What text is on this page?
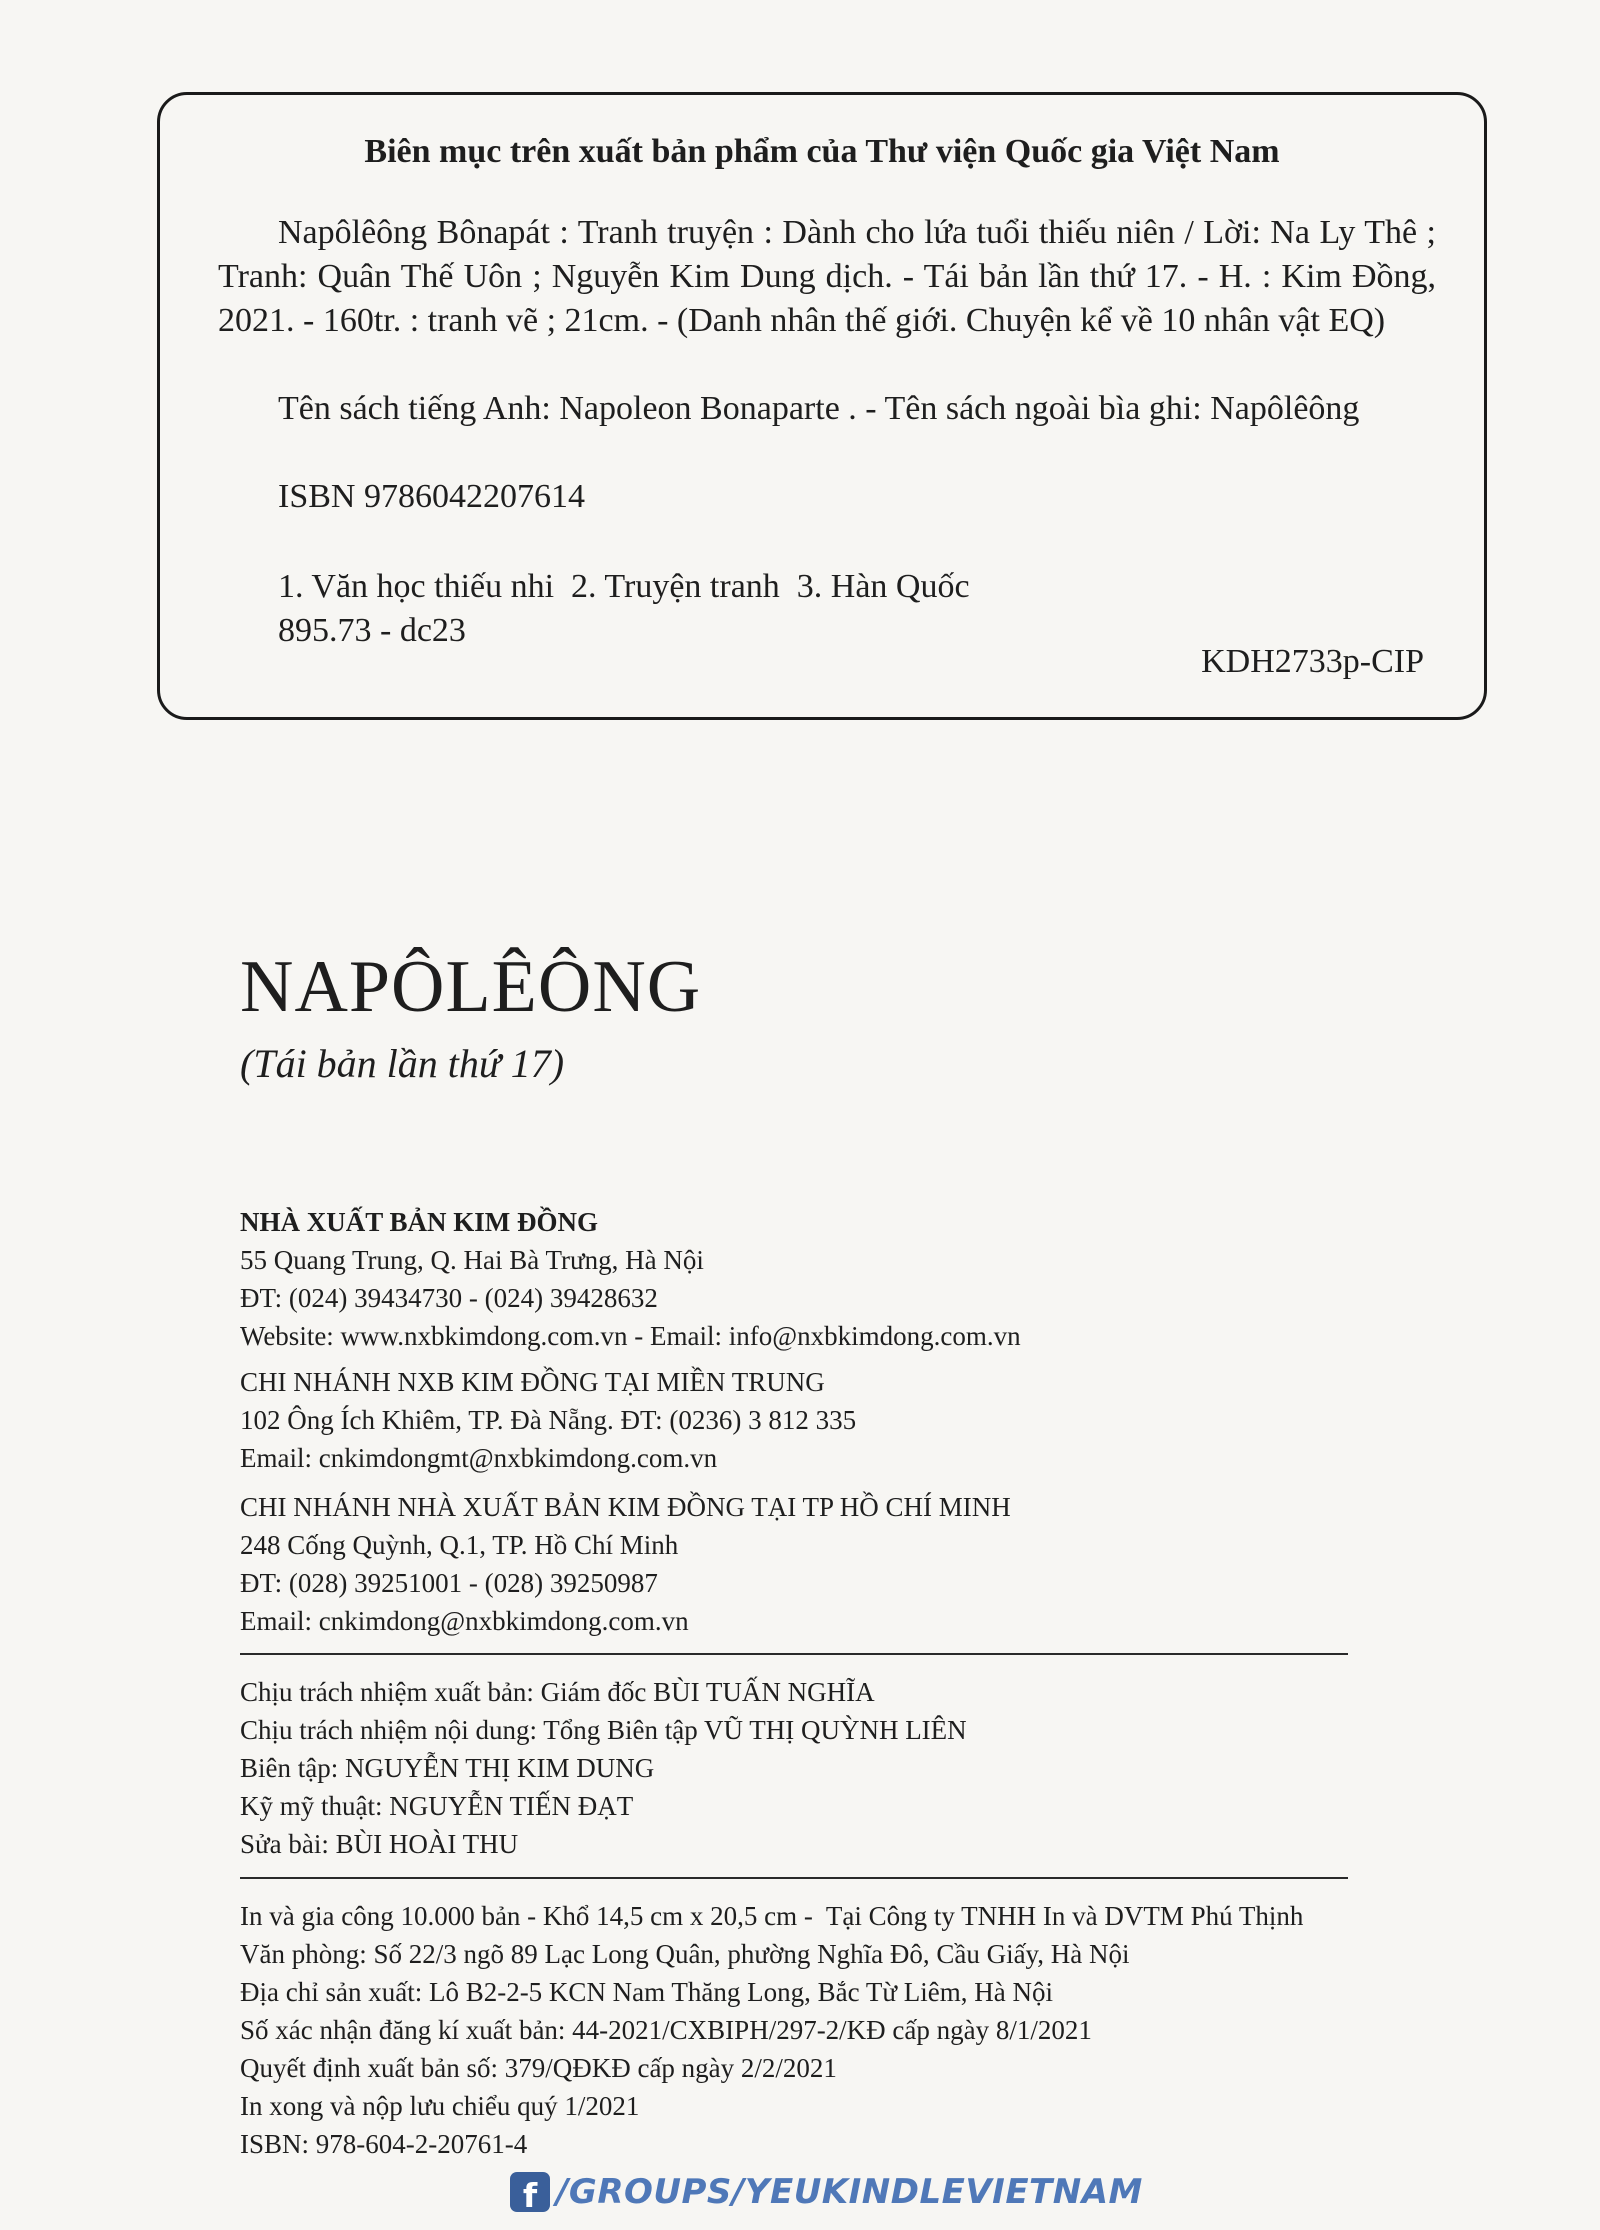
Biên mục trên xuất bản phẩm của Thư viện Quốc gia Việt Nam
Napôlêông Bônapát : Tranh truyện : Dành cho lứa tuổi thiếu niên / Lời: Na Ly Thê ; Tranh: Quân Thế Uôn ; Nguyễn Kim Dung dịch. - Tái bản lần thứ 17. - H. : Kim Đồng, 2021. - 160tr. : tranh vẽ ; 21cm. - (Danh nhân thế giới. Chuyện kể về 10 nhân vật EQ)
Tên sách tiếng Anh: Napoleon Bonaparte . - Tên sách ngoài bìa ghi: Napôlêông
ISBN 9786042207614
1. Văn học thiếu nhi  2. Truyện tranh  3. Hàn Quốc
895.73 - dc23
KDH2733p-CIP
NAPÔLÊÔNG
(Tái bản lần thứ 17)
NHÀ XUẤT BẢN KIM ĐỒNG
55 Quang Trung, Q. Hai Bà Trưng, Hà Nội
ĐT: (024) 39434730 - (024) 39428632
Website: www.nxbkimdong.com.vn - Email: info@nxbkimdong.com.vn
CHI NHÁNH NXB KIM ĐỒNG TẠI MIỀN TRUNG
102 Ông Ích Khiêm, TP. Đà Nẵng. ĐT: (0236) 3 812 335
Email: cnkimdongmt@nxbkimdong.com.vn
CHI NHÁNH NHÀ XUẤT BẢN KIM ĐỒNG TẠI TP HỒ CHÍ MINH
248 Cống Quỳnh, Q.1, TP. Hồ Chí Minh
ĐT: (028) 39251001 - (028) 39250987
Email: cnkimdong@nxbkimdong.com.vn
Chịu trách nhiệm xuất bản: Giám đốc BÙI TUẤN NGHĨA
Chịu trách nhiệm nội dung: Tổng Biên tập VŨ THỊ QUỲNH LIÊN
Biên tập: NGUYỄN THỊ KIM DUNG
Kỹ mỹ thuật: NGUYỄN TIẾN ĐẠT
Sửa bài: BÙI HOÀI THU
In và gia công 10.000 bản - Khổ 14,5 cm x 20,5 cm -  Tại Công ty TNHH In và DVTM Phú Thịnh
Văn phòng: Số 22/3 ngõ 89 Lạc Long Quân, phường Nghĩa Đô, Cầu Giấy, Hà Nội
Địa chỉ sản xuất: Lô B2-2-5 KCN Nam Thăng Long, Bắc Từ Liêm, Hà Nội
Số xác nhận đăng kí xuất bản: 44-2021/CXBIPH/297-2/KĐ cấp ngày 8/1/2021
Quyết định xuất bản số: 379/QĐKĐ cấp ngày 2/2/2021
In xong và nộp lưu chiểu quý 1/2021
ISBN: 978-604-2-20761-4
f /GROUPS/YEUKINDLEVIETNAM
